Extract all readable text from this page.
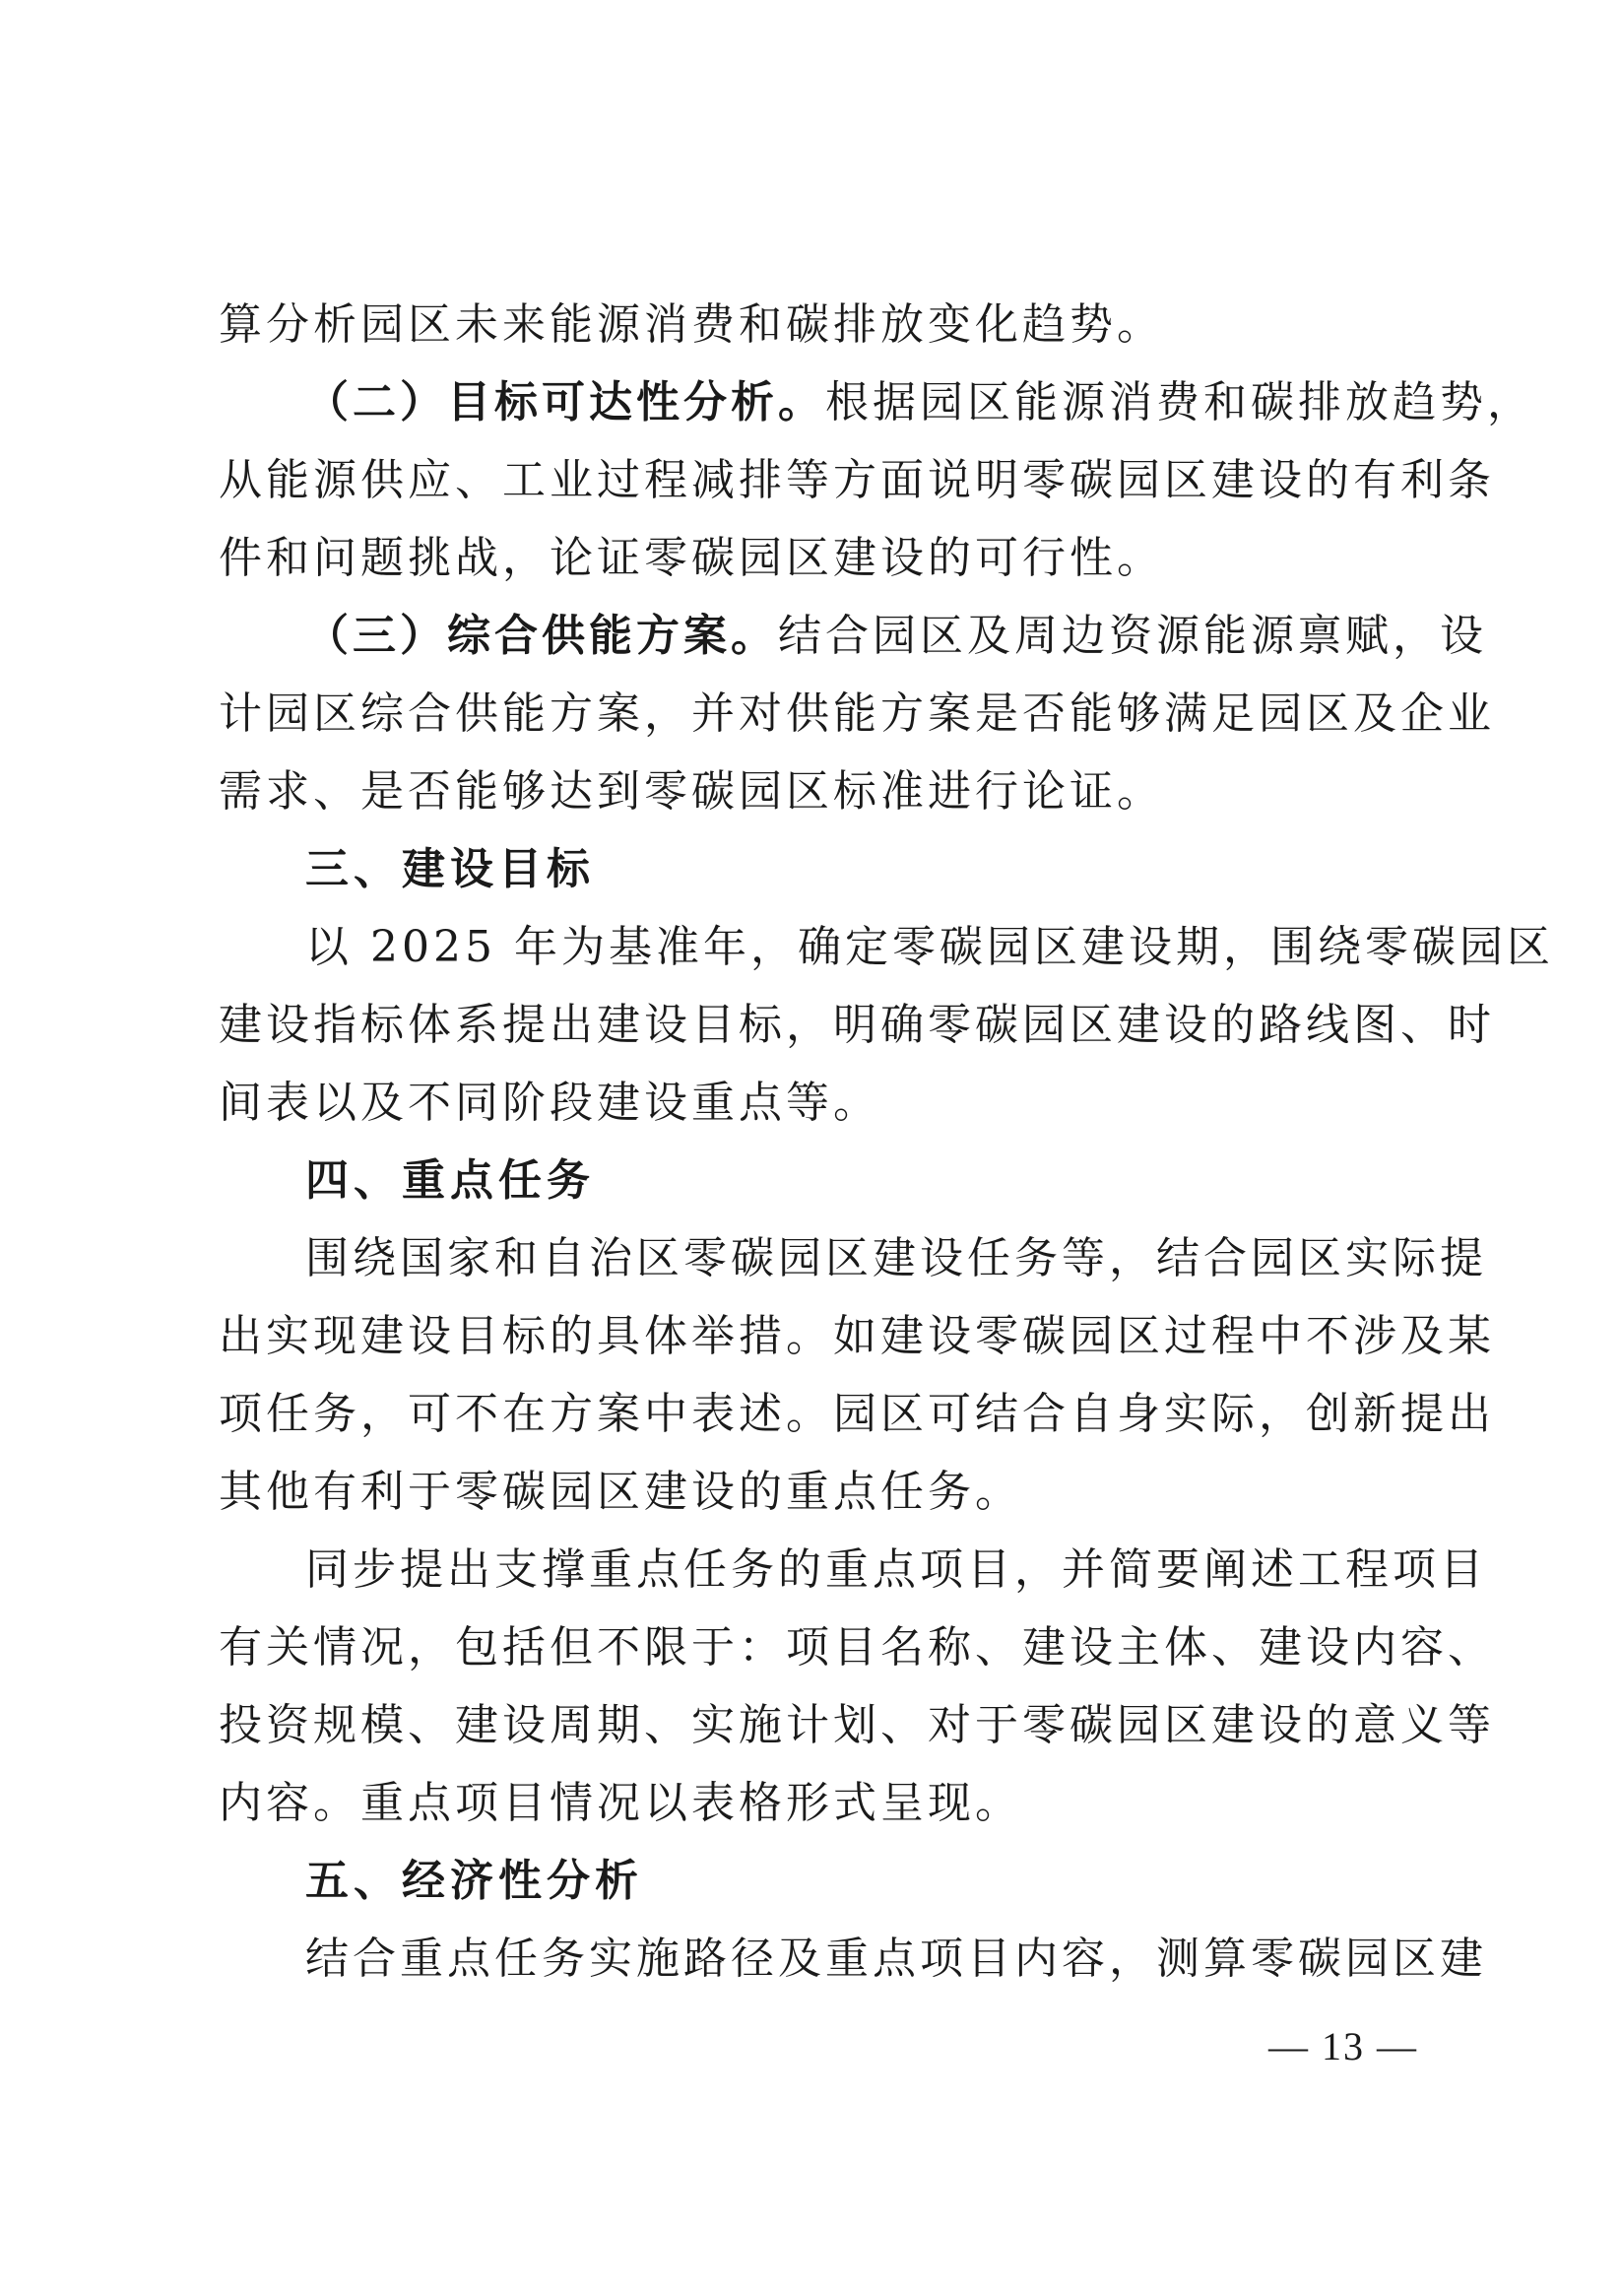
算分析园区未来能源消费和碳排放变化趋势。
（二）目标可达性分析。根据园区能源消费和碳排放趋势，
从能源供应、工业过程减排等方面说明零碳园区建设的有利条
件和问题挑战，论证零碳园区建设的可行性。
（三）综合供能方案。结合园区及周边资源能源禀赋，设
计园区综合供能方案，并对供能方案是否能够满足园区及企业
需求、是否能够达到零碳园区标准进行论证。
三、建设目标
以 2025 年为基准年，确定零碳园区建设期，围绕零碳园区
建设指标体系提出建设目标，明确零碳园区建设的路线图、时
间表以及不同阶段建设重点等。
四、重点任务
围绕国家和自治区零碳园区建设任务等，结合园区实际提
出实现建设目标的具体举措。如建设零碳园区过程中不涉及某
项任务，可不在方案中表述。园区可结合自身实际，创新提出
其他有利于零碳园区建设的重点任务。
同步提出支撑重点任务的重点项目，并简要阐述工程项目
有关情况，包括但不限于：项目名称、建设主体、建设内容、
投资规模、建设周期、实施计划、对于零碳园区建设的意义等
内容。重点项目情况以表格形式呈现。
五、经济性分析
结合重点任务实施路径及重点项目内容，测算零碳园区建
— 13 —
